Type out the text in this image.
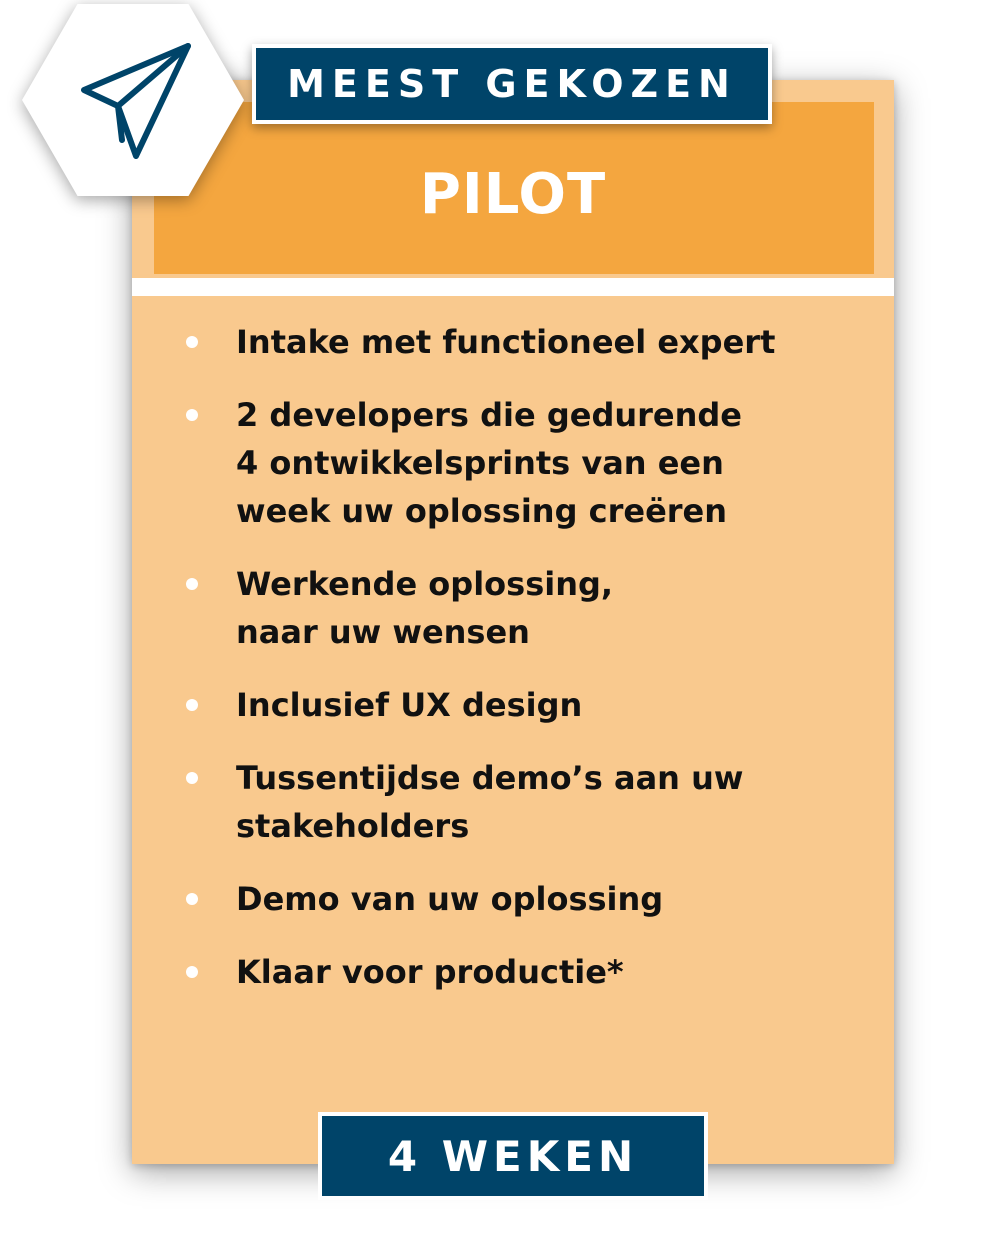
PILOT
MEEST GEKOZEN
Intake met functioneel expert
2 developers die gedurende
4 ontwikkelsprints van een
week uw oplossing creëren
Werkende oplossing,
naar uw wensen
Inclusief UX design
Tussentijdse demo’s aan uw
stakeholders
Demo van uw oplossing
Klaar voor productie*
4 WEKEN
